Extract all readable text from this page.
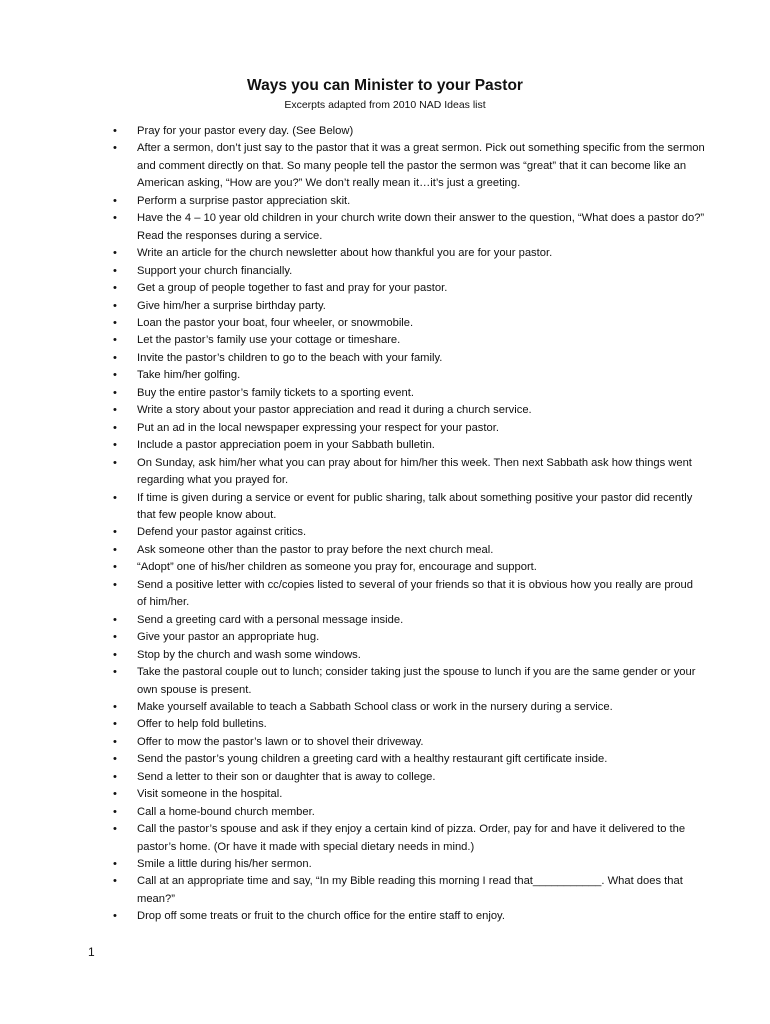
Ways you can Minister to your Pastor
Excerpts adapted from 2010 NAD Ideas list
• Pray for your pastor every day. (See Below)
• After a sermon, don’t just say to the pastor that it was a great sermon. Pick out something specific from the sermon and comment directly on that. So many people tell the pastor the sermon was “great” that it can become like an American asking, “How are you?” We don’t really mean it…it’s just a greeting.
• Perform a surprise pastor appreciation skit.
• Have the 4 – 10 year old children in your church write down their answer to the question, “What does a pastor do?” Read the responses during a service.
• Write an article for the church newsletter about how thankful you are for your pastor.
• Support your church financially.
• Get a group of people together to fast and pray for your pastor.
• Give him/her a surprise birthday party.
• Loan the pastor your boat, four wheeler, or snowmobile.
• Let the pastor’s family use your cottage or timeshare.
• Invite the pastor’s children to go to the beach with your family.
• Take him/her golfing.
• Buy the entire pastor’s family tickets to a sporting event.
• Write a story about your pastor appreciation and read it during a church service.
• Put an ad in the local newspaper expressing your respect for your pastor.
• Include a pastor appreciation poem in your Sabbath bulletin.
• On Sunday, ask him/her what you can pray about for him/her this week. Then next Sabbath ask how things went regarding what you prayed for.
• If time is given during a service or event for public sharing, talk about something positive your pastor did recently that few people know about.
• Defend your pastor against critics.
• Ask someone other than the pastor to pray before the next church meal.
• “Adopt” one of his/her children as someone you pray for, encourage and support.
• Send a positive letter with cc/copies listed to several of your friends so that it is obvious how you really are proud of him/her.
• Send a greeting card with a personal message inside.
• Give your pastor an appropriate hug.
• Stop by the church and wash some windows.
• Take the pastoral couple out to lunch; consider taking just the spouse to lunch if you are the same gender or your own spouse is present.
• Make yourself available to teach a Sabbath School class or work in the nursery during a service.
• Offer to help fold bulletins.
• Offer to mow the pastor’s lawn or to shovel their driveway.
• Send the pastor’s young children a greeting card with a healthy restaurant gift certificate inside.
• Send a letter to their son or daughter that is away to college.
• Visit someone in the hospital.
• Call a home-bound church member.
• Call the pastor’s spouse and ask if they enjoy a certain kind of pizza. Order, pay for and have it delivered to the pastor’s home. (Or have it made with special dietary needs in mind.)
• Smile a little during his/her sermon.
• Call at an appropriate time and say, “In my Bible reading this morning I read that___________. What does that mean?”
• Drop off some treats or fruit to the church office for the entire staff to enjoy.
1
